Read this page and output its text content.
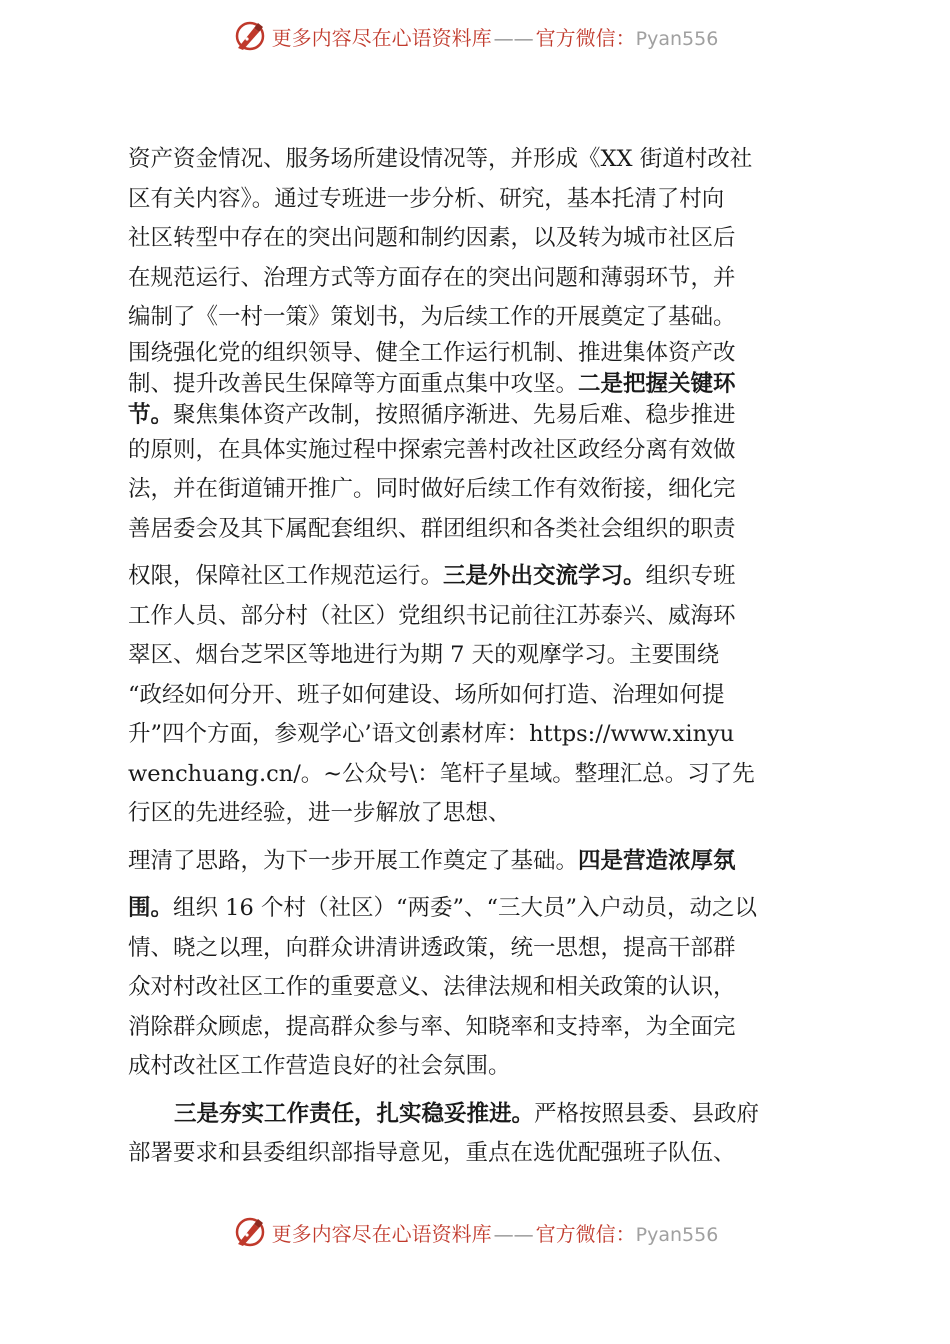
更多内容尽在心语资料库 —— 官方微信：Pyan556
资产资金情况、服务场所建设情况等，并形成《XX 街道村改社
区有关内容》。通过专班进一步分析、研究，基本托清了村向
社区转型中存在的突出问题和制约因素，以及转为城市社区后
在规范运行、治理方式等方面存在的突出问题和薄弱环节，并
编制了《一村一策》策划书，为后续工作的开展奠定了基础。
围绕强化党的组织领导、健全工作运行机制、推进集体资产改
制、提升改善民生保障等方面重点集中攻坚。二是把握关键环
节。聚焦集体资产改制，按照循序渐进、先易后难、稳步推进
的原则，在具体实施过程中探索完善村改社区政经分离有效做
法，并在街道铺开推广。同时做好后续工作有效衔接，细化完
善居委会及其下属配套组织、群团组织和各类社会组织的职责
权限，保障社区工作规范运行。三是外出交流学习。组织专班
工作人员、部分村（社区）党组织书记前往江苏泰兴、威海环
翠区、烟台芝罘区等地进行为期 7 天的观摩学习。主要围绕
“政经如何分开、班子如何建设、场所如何打造、治理如何提
升”四个方面，参观学心’语文创素材库：https://www.xinyu
wenchuang.cn/。~公众号\：笔杆子星域。整理汇总。习了先
行区的先进经验，进一步解放了思想、
理清了思路，为下一步开展工作奠定了基础。四是营造浓厚氛
围。组织 16 个村（社区）“两委”、“三大员”入户动员，动之以
情、晓之以理，向群众讲清讲透政策，统一思想，提高干部群
众对村改社区工作的重要意义、法律法规和相关政策的认识，
消除群众顾虑，提高群众参与率、知晓率和支持率，为全面完
成村改社区工作营造良好的社会氛围。
三是夯实工作责任，扎实稳妥推进。严格按照县委、县政府
部署要求和县委组织部指导意见，重点在选优配强班子队伍、
更多内容尽在心语资料库 —— 官方微信：Pyan556
